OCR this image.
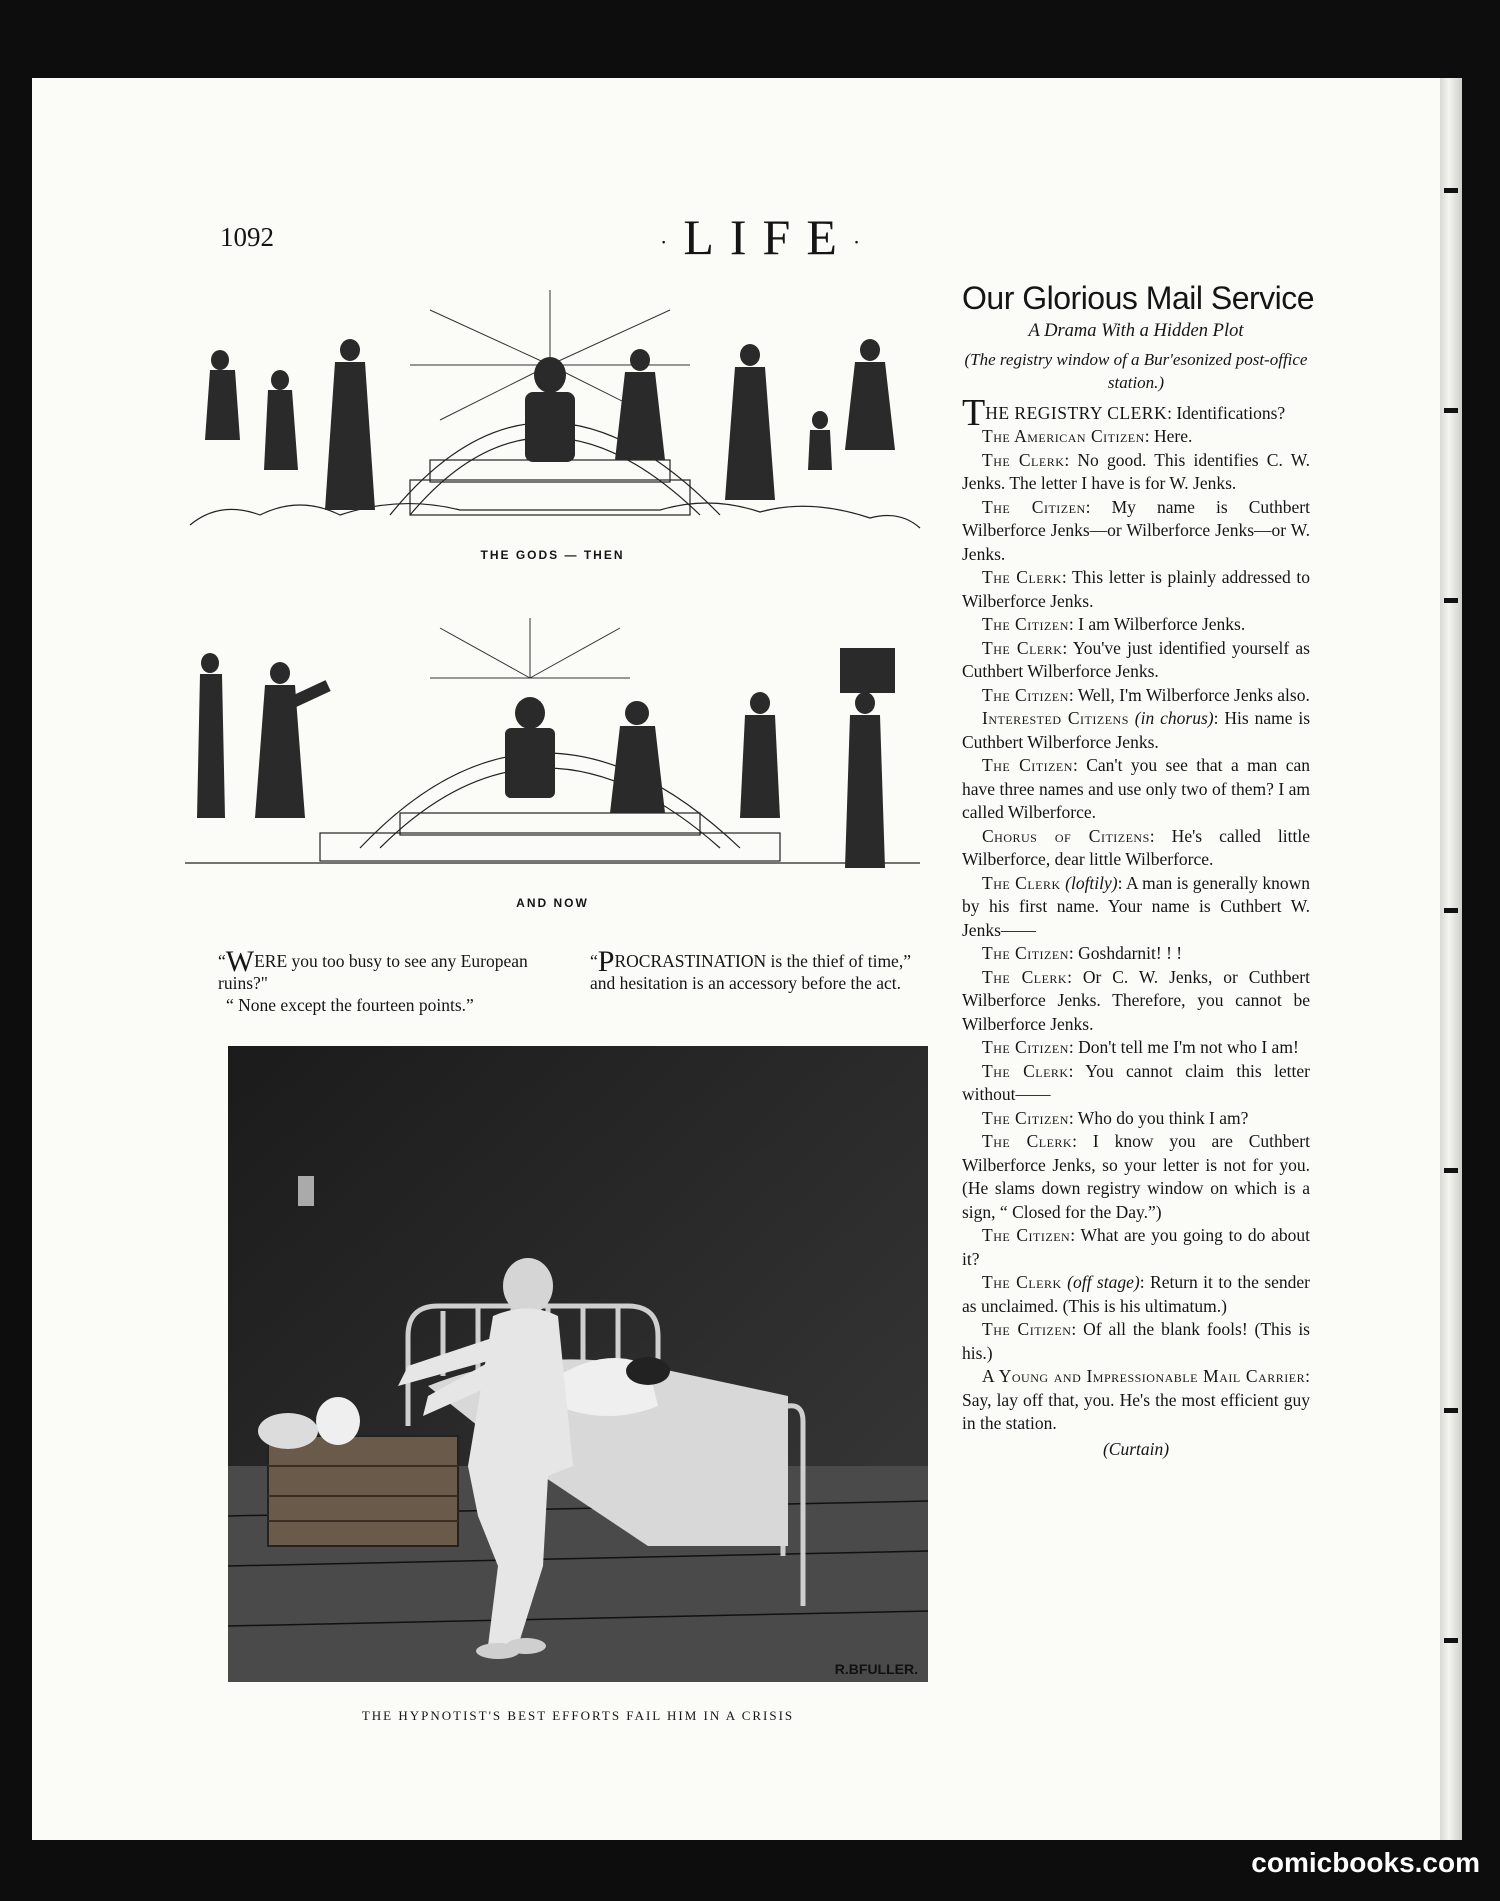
1092	·LIFE·
THE GODS — THEN
AND NOW

“WERE you too busy to see any European ruins?"

“ None except the fourteen points.”

“PROCRASTINATION is the thief of time,” and hesitation is an accessory before the act.

R.BFULLER.
THE HYPNOTIST'S BEST EFFORTS FAIL HIM IN A CRISIS
Our Glorious Mail Service
A Drama With a Hidden Plot
(The registry window of a Bur'esonized post-office station.)

THE REGISTRY CLERK: Identifications?

The American Citizen: Here.

The Clerk: No good. This identifies C. W. Jenks. The letter I have is for W. Jenks.

The Citizen: My name is Cuthbert Wilberforce Jenks—or Wilberforce Jenks—or W. Jenks.

The Clerk: This letter is plainly addressed to Wilberforce Jenks.

The Citizen: I am Wilberforce Jenks.

The Clerk: You've just identified yourself as Cuthbert Wilberforce Jenks.

The Citizen: Well, I'm Wilberforce Jenks also.

Interested Citizens (in chorus): His name is Cuthbert Wilberforce Jenks.

The Citizen: Can't you see that a man can have three names and use only two of them? I am called Wilberforce.

Chorus of Citizens: He's called little Wilberforce, dear little Wilberforce.

The Clerk (loftily): A man is generally known by his first name. Your name is Cuthbert W. Jenks——

The Citizen: Goshdarnit! ! !

The Clerk: Or C. W. Jenks, or Cuthbert Wilberforce Jenks. Therefore, you cannot be Wilberforce Jenks.

The Citizen: Don't tell me I'm not who I am!

The Clerk: You cannot claim this letter without——

The Citizen: Who do you think I am?

The Clerk: I know you are Cuthbert Wilberforce Jenks, so your letter is not for you. (He slams down registry window on which is a sign, “ Closed for the Day.”)

The Citizen: What are you going to do about it?

The Clerk (off stage): Return it to the sender as unclaimed. (This is his ultimatum.)

The Citizen: Of all the blank fools! (This is his.)

A Young and Impressionable Mail Carrier: Say, lay off that, you. He's the most efficient guy in the station.

(Curtain)
comicbooks.com
